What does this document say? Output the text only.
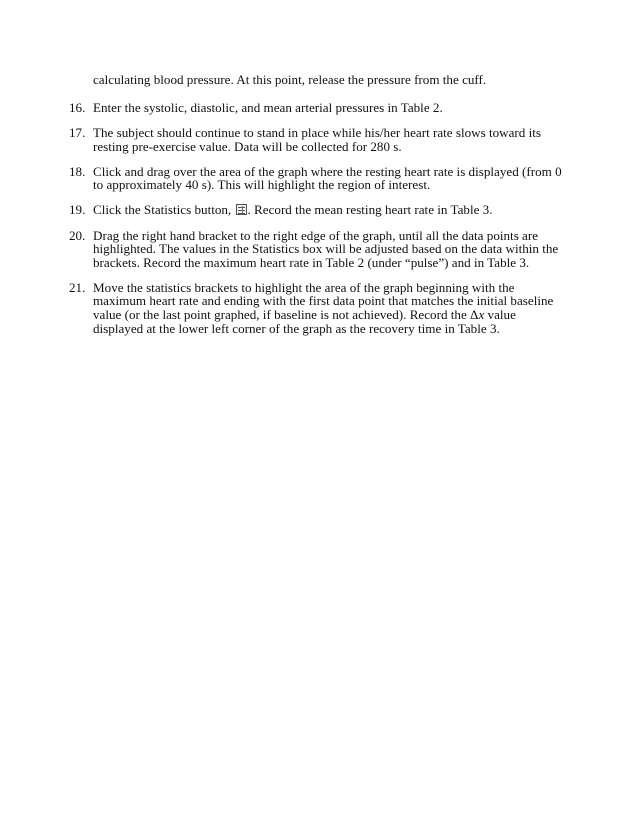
calculating blood pressure. At this point, release the pressure from the cuff.

16. Enter the systolic, diastolic, and mean arterial pressures in Table 2.
17. The subject should continue to stand in place while his/her heart rate slows toward its resting pre-exercise value. Data will be collected for 280 s.
18. Click and drag over the area of the graph where the resting heart rate is displayed (from 0 to approximately 40 s). This will highlight the region of interest.
19. Click the Statistics button, . Record the mean resting heart rate in Table 3.
20. Drag the right hand bracket to the right edge of the graph, until all the data points are highlighted. The values in the Statistics box will be adjusted based on the data within the brackets. Record the maximum heart rate in Table 2 (under “pulse”) and in Table 3.
21. Move the statistics brackets to highlight the area of the graph beginning with the maximum heart rate and ending with the first data point that matches the initial baseline value (or the last point graphed, if baseline is not achieved). Record the Δx value displayed at the lower left corner of the graph as the recovery time in Table 3.
